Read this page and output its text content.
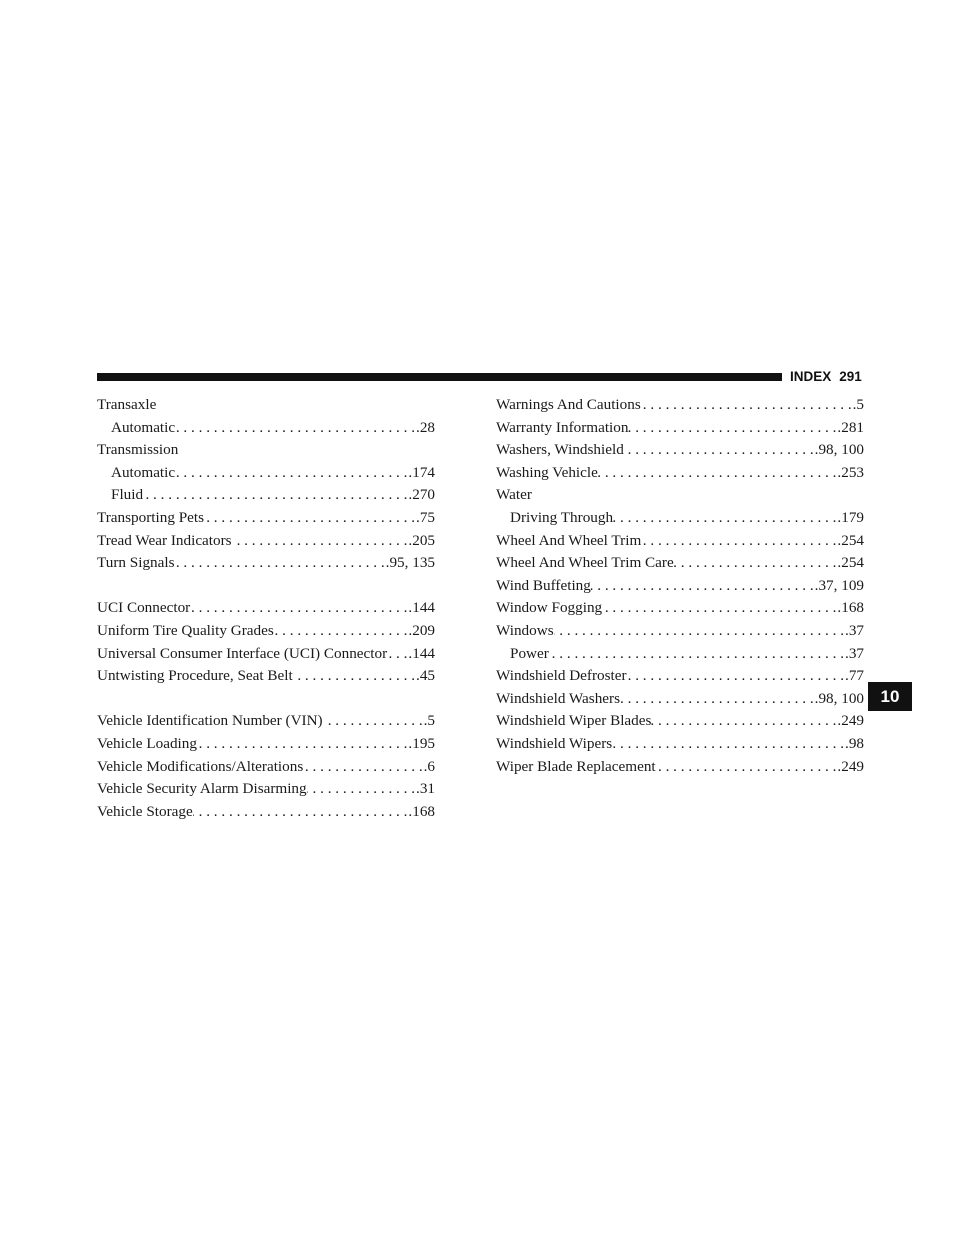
INDEX 291
Transaxle
Automatic . . .	.28
Transmission
Automatic . . .	.174
Fluid . . .	.270
Transporting Pets . . .	.75
Tread Wear Indicators . . .	.205
Turn Signals . . .	.95, 135
UCI Connector . . .	.144
Uniform Tire Quality Grades . . .	.209
Universal Consumer Interface (UCI) Connector . . . .144
Untwisting Procedure, Seat Belt . . .	.45
Vehicle Identification Number (VIN) . . .	.5
Vehicle Loading . . .	.195
Vehicle Modifications/Alterations . . .	.6
Vehicle Security Alarm Disarming . . .	.31
Vehicle Storage . . .	.168
Warnings And Cautions . . .	.5
Warranty Information . . .	.281
Washers, Windshield . . .	.98, 100
Washing Vehicle . . .	.253
Water
Driving Through . . .	.179
Wheel And Wheel Trim . . .	.254
Wheel And Wheel Trim Care . . .	.254
Wind Buffeting . . .	.37, 109
Window Fogging . . .	.168
Windows . . .	.37
Power . . .	.37
Windshield Defroster . . .	.77
Windshield Washers . . .	.98, 100
Windshield Wiper Blades . . .	.249
Windshield Wipers . . .	.98
Wiper Blade Replacement . . .	.249
10
